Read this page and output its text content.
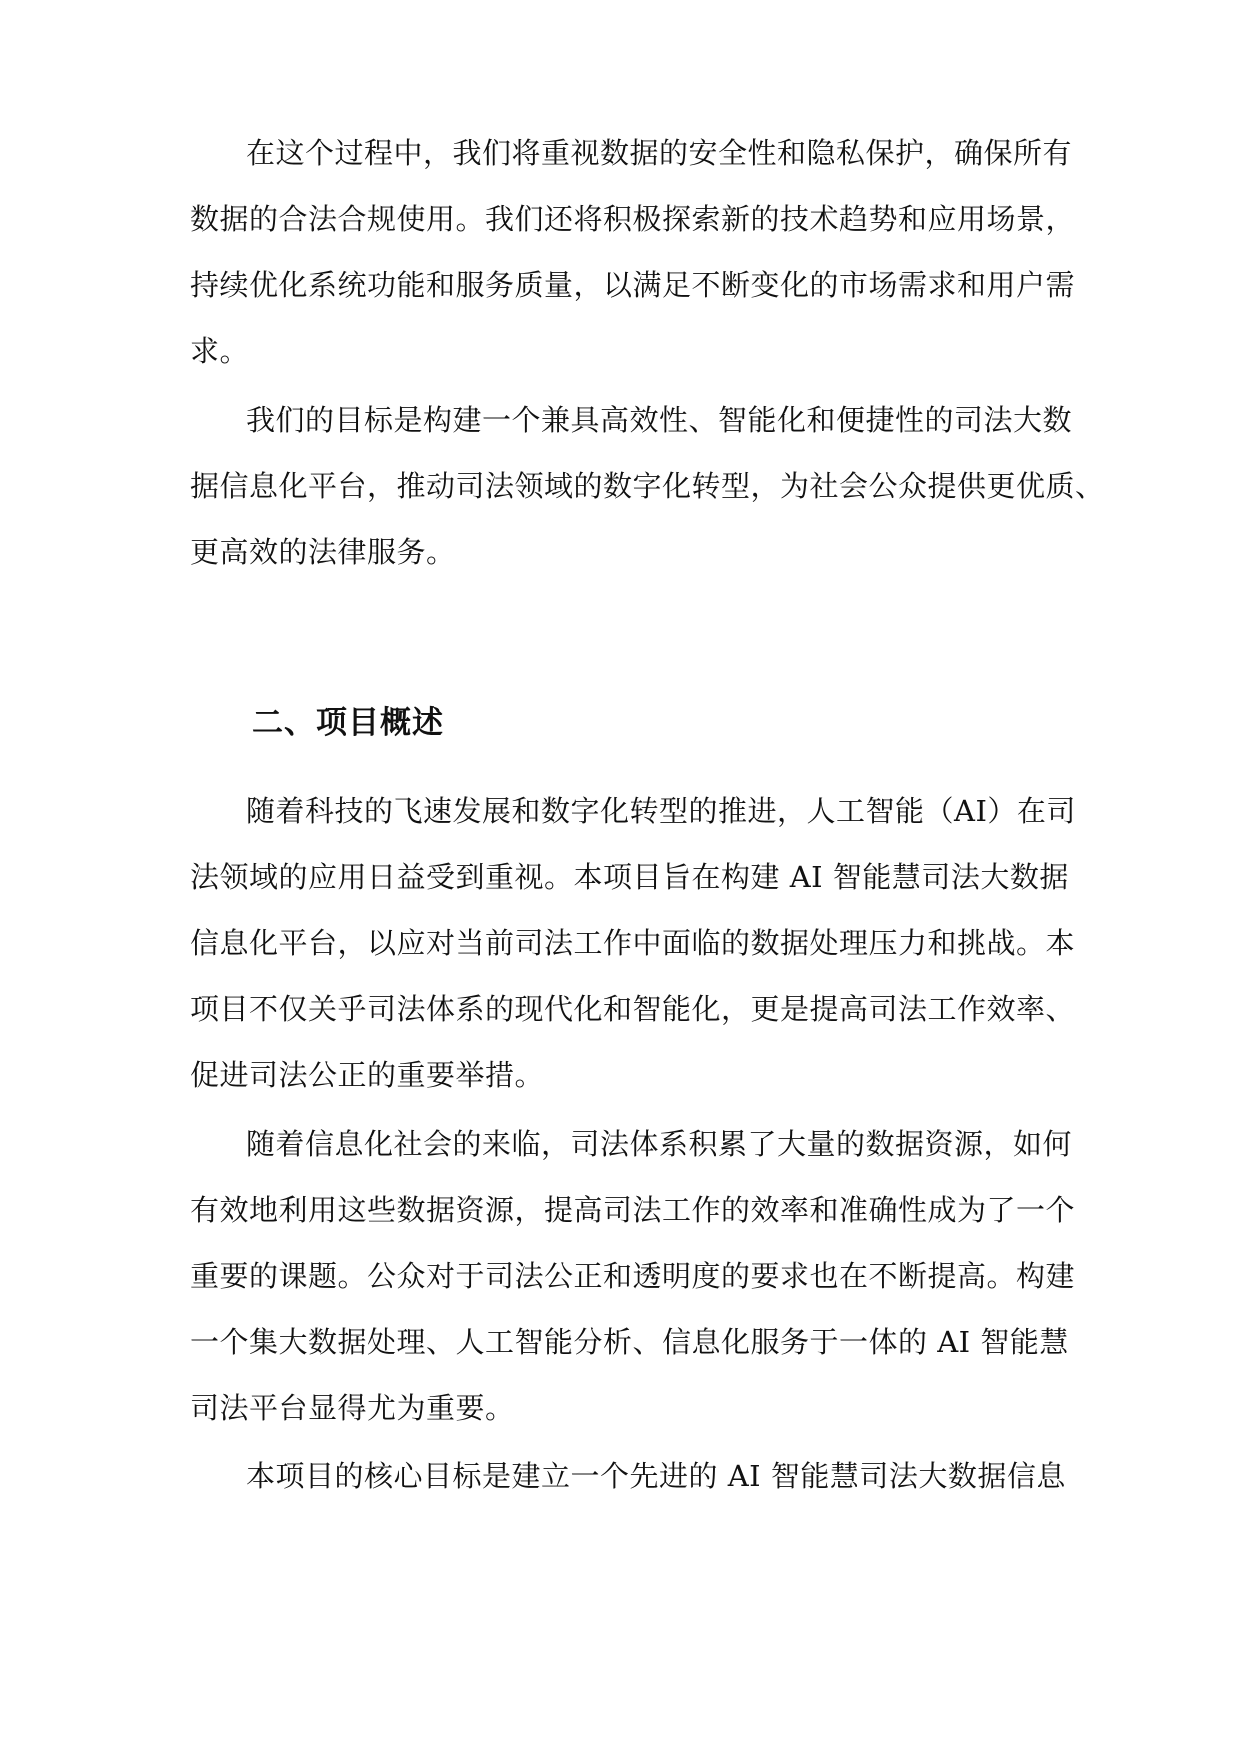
在这个过程中，我们将重视数据的安全性和隐私保护，确保所有
数据的合法合规使用。我们还将积极探索新的技术趋势和应用场景，
持续优化系统功能和服务质量，以满足不断变化的市场需求和用户需
求。
我们的目标是构建一个兼具高效性、智能化和便捷性的司法大数
据信息化平台，推动司法领域的数字化转型，为社会公众提供更优质、
更高效的法律服务。
二、项目概述
随着科技的飞速发展和数字化转型的推进，人工智能（AI）在司
法领域的应用日益受到重视。本项目旨在构建 AI 智能慧司法大数据
信息化平台，以应对当前司法工作中面临的数据处理压力和挑战。本
项目不仅关乎司法体系的现代化和智能化，更是提高司法工作效率、
促进司法公正的重要举措。
随着信息化社会的来临，司法体系积累了大量的数据资源，如何
有效地利用这些数据资源，提高司法工作的效率和准确性成为了一个
重要的课题。公众对于司法公正和透明度的要求也在不断提高。构建
一个集大数据处理、人工智能分析、信息化服务于一体的 AI 智能慧
司法平台显得尤为重要。
本项目的核心目标是建立一个先进的 AI 智能慧司法大数据信息
